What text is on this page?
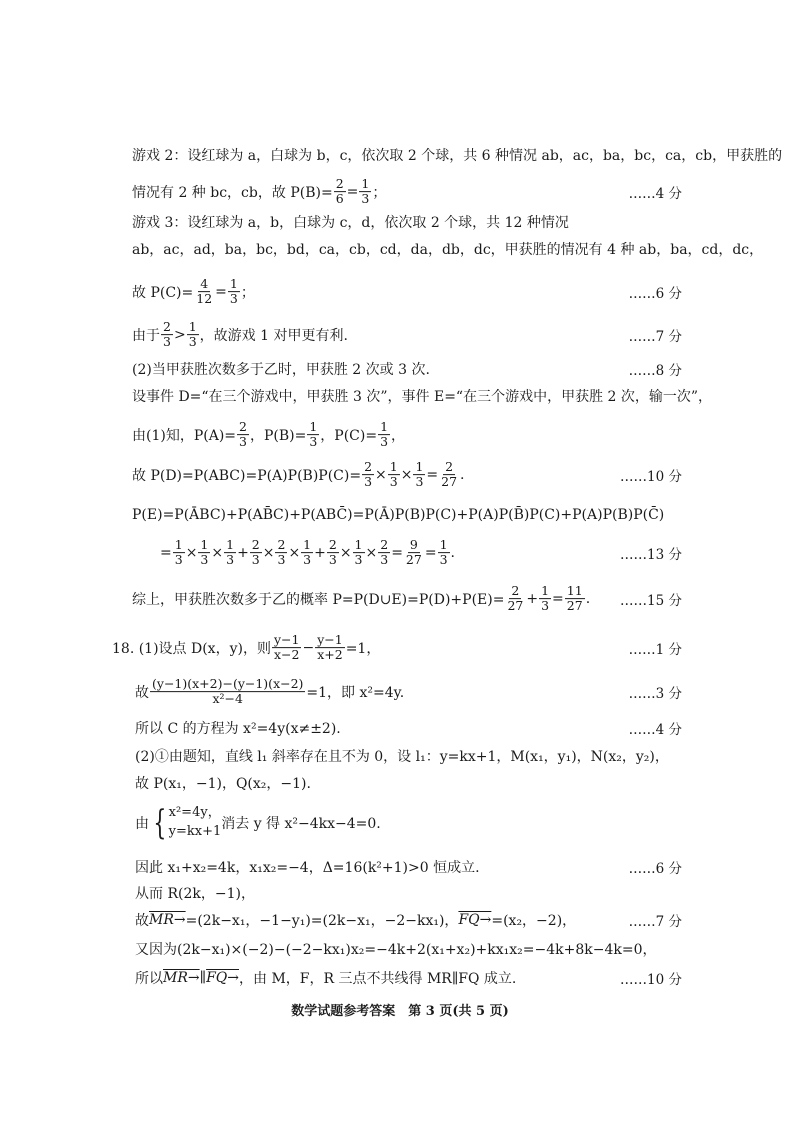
游戏 2：设红球为 a，白球为 b，c，依次取 2 个球，共 6 种情况 ab，ac，ba，bc，ca，cb，甲获胜的
情况有 2 种 bc，cb，故 $P(B)= \frac{2}{6} = \frac{1}{3}$ ；	……4 分
游戏 3：设红球为 a，b，白球为 c，d，依次取 2 个球，共 12 种情况
ab，ac，ad，ba，bc，bd，ca，cb，cd，da，db，dc，甲获胜的情况有 4 种 ab，ba，cd，dc，
故 $P(C)= \frac{4}{12} = \frac{1}{3}$ ；	……6 分
由于 $\frac{2}{3} > \frac{1}{3}$ ，故游戏 1 对甲更有利.	……7 分
(2)当甲获胜次数多于乙时，甲获胜 2 次或 3 次.	……8 分
设事件 D=“在三个游戏中，甲获胜 3 次”，事件 E=“在三个游戏中，甲获胜 2 次，输一次”，
由(1)知，$P(A)= \frac{2}{3}$ ，$P(B)= \frac{1}{3}$ ，$P(C)= \frac{1}{3}$ ，
故 $P(D)=P(ABC)=P(A)P(B)P(C)= \frac{2}{3} \times \frac{1}{3} \times \frac{1}{3} = \frac{2}{27}$ .	……10 分
P(E)=P(ĀBC)+P(AB̄C)+P(ABC̄)=P(Ā)P(B)P(C)+P(A)P(B̄)P(C)+P(A)P(B)P(C̄)
= $\frac{1}{3} \times \frac{1}{3} \times \frac{1}{3} + \frac{2}{3} \times \frac{2}{3} \times \frac{1}{3} + \frac{2}{3} \times \frac{1}{3} \times \frac{2}{3} = \frac{9}{27} = \frac{1}{3}$ .	……13 分
综上，甲获胜次数多于乙的概率 P=P(D∪E)=P(D)+P(E)= $\frac{2}{27} + \frac{1}{3} = \frac{11}{27}$ . ……15 分
18. (1)设点 D(x，y)，则 $\frac{y-1}{x-2} - \frac{y-1}{x+2} =1$，	……1 分
故 $\frac{(y-1)(x+2)-(y-1)(x-2)}{\text{x²−4}} =1$，即 x²=4y.	……3 分
所以 C 的方程为 x²=4y(x≠±2).	……4 分
(2)①由题知，直线 l₁ 斜率存在且不为 0，设 l₁：y=kx+1，M(x₁，y₁)，N(x₂，y₂)，
故 P(x₁，−1)，Q(x₂，−1).
由 { x²=4y，
y=kx+1 消去 y 得 x²−4kx−4=0.
因此 x₁+x₂=4k，x₁x₂=−4，Δ=16(k²+1)>0 恒成立.	……6 分
从而 R(2k，−1)，
故 MR→ =(2k−x₁，−1−y₁)=(2k−x₁，−2−kx₁)， FQ→ =(x₂，−2)，	……7 分
又因为(2k−x₁)×(−2)−(−2−kx₁)x₂=−4k+2(x₁+x₂)+kx₁x₂=−4k+8k−4k=0，
所以 MR→ ∥ FQ→ ，由 M，F，R 三点不共线得 MR∥FQ 成立.	……10 分
数学试题参考答案　第 3 页(共 5 页)
